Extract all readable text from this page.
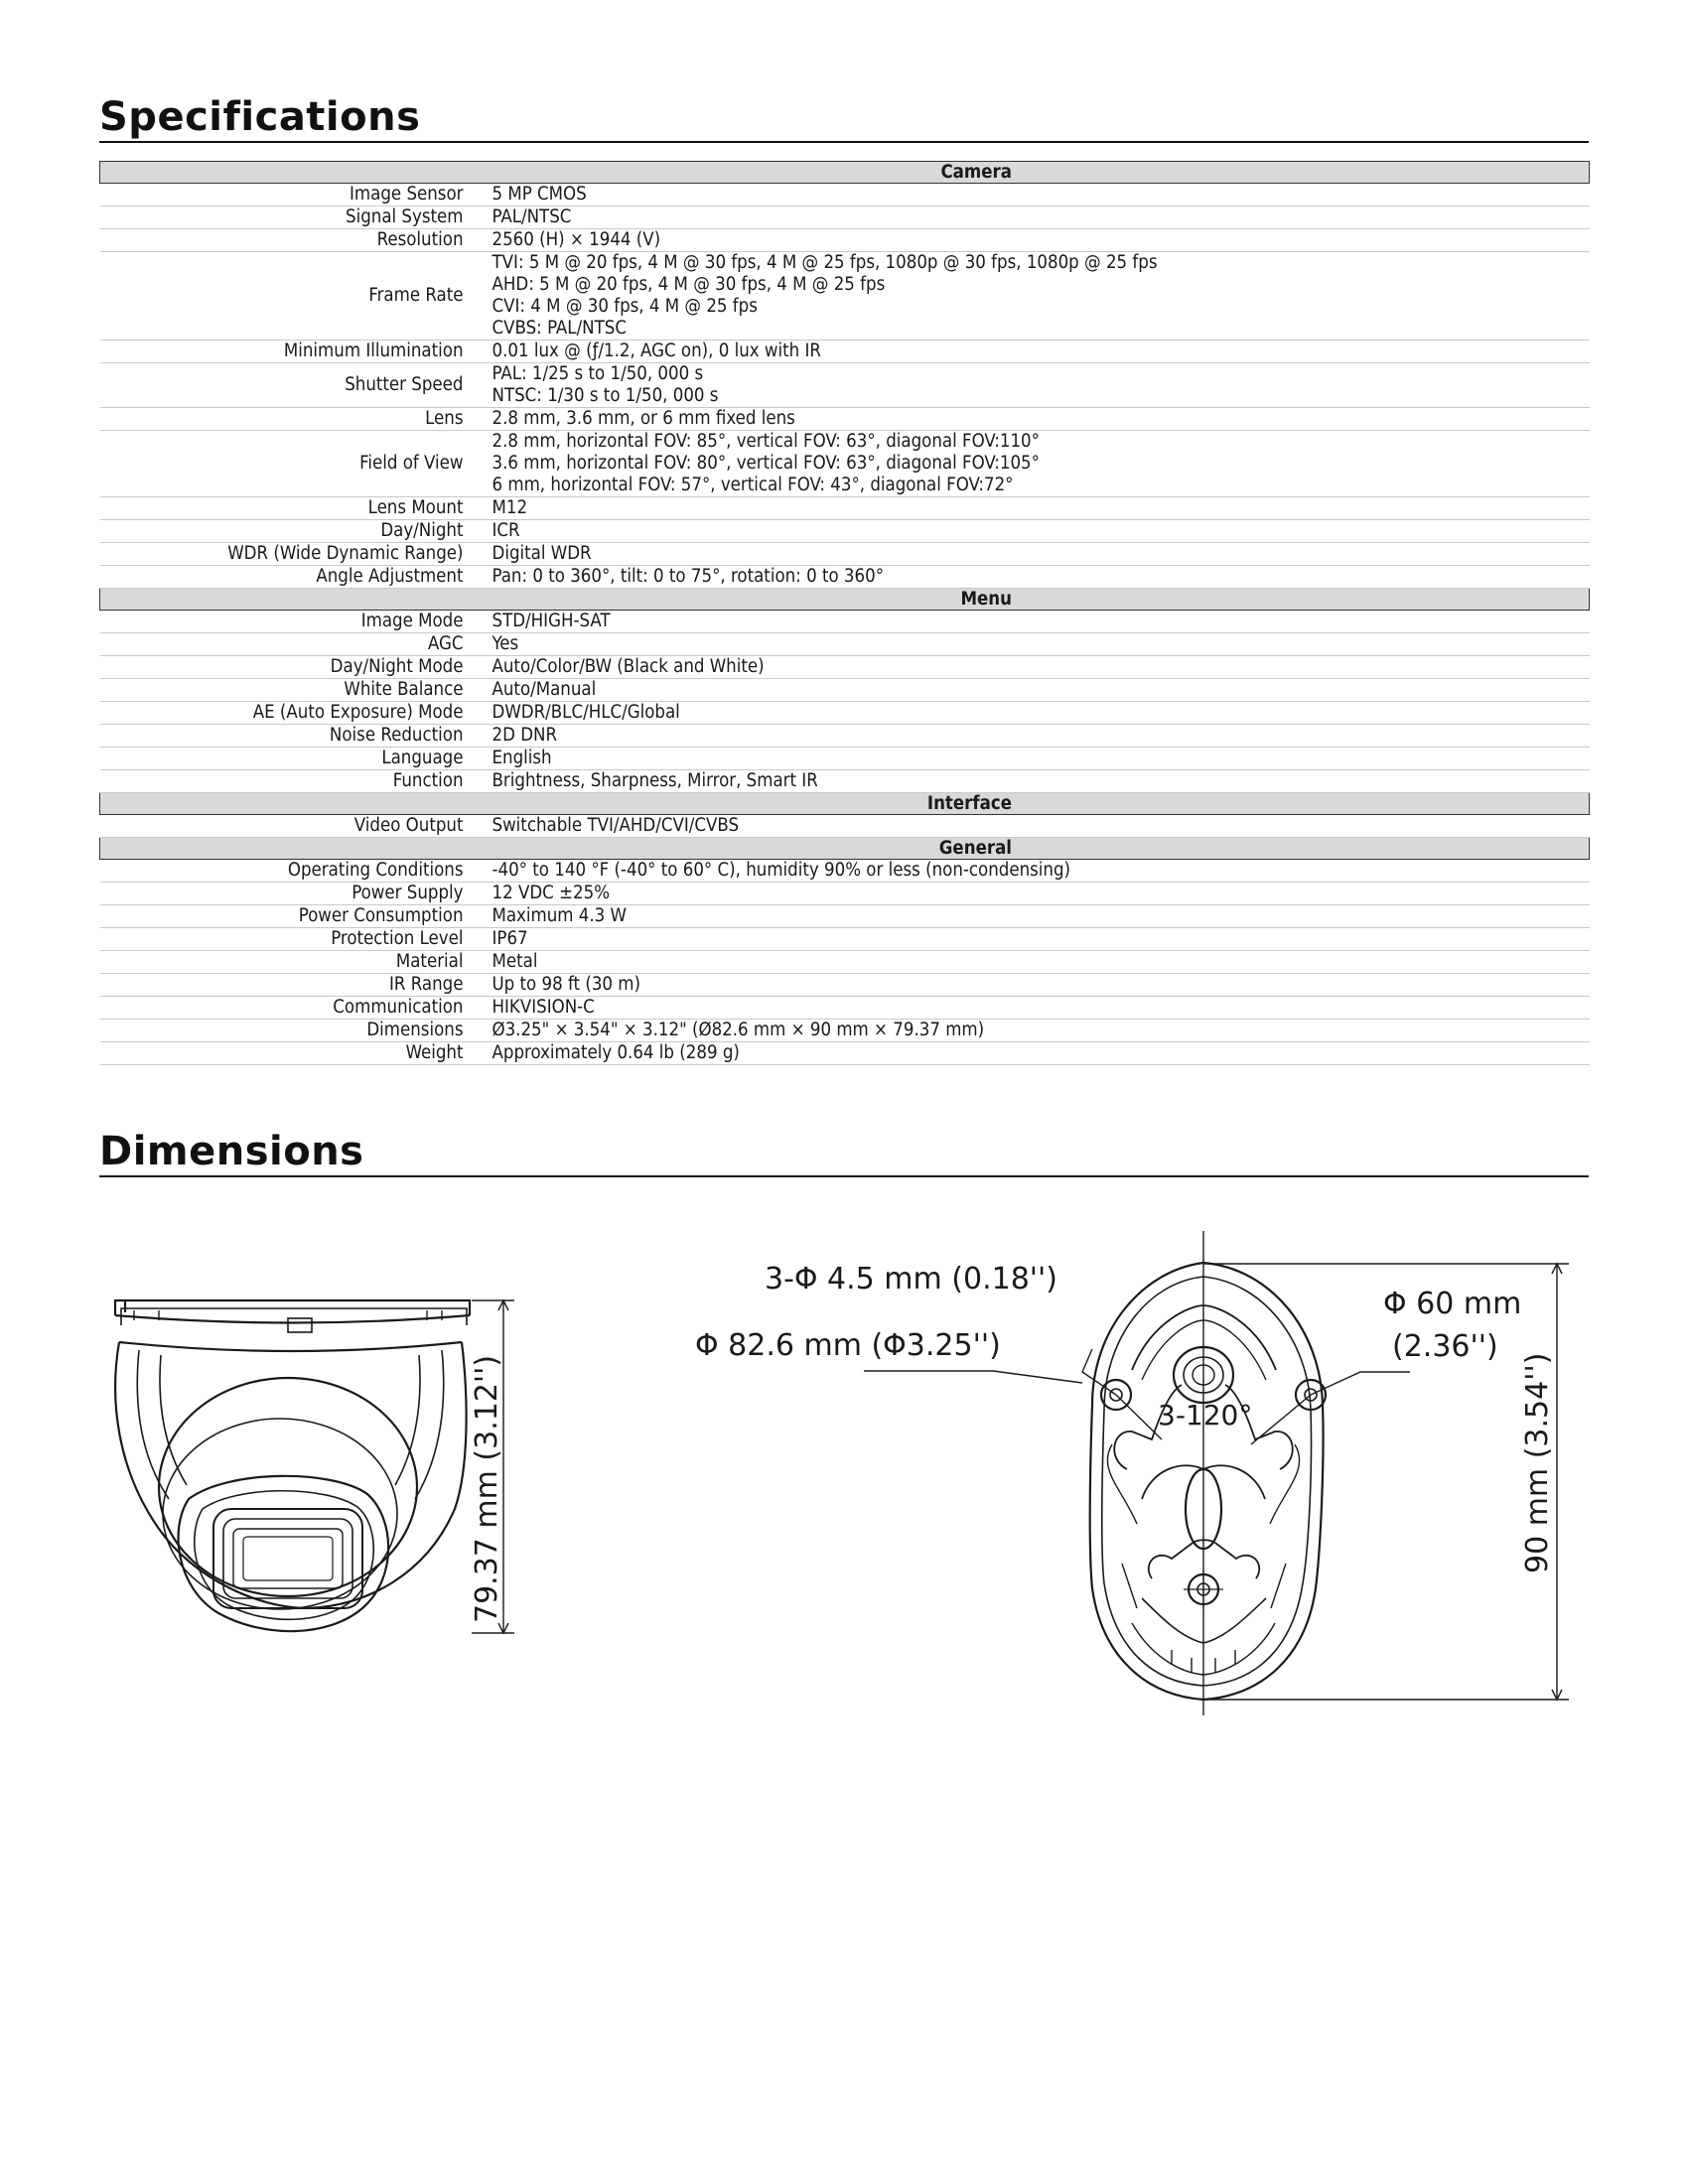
Specifications
Camera	
Image Sensor	5 MP CMOS

Signal System	PAL/NTSC

Resolution	2560 (H) × 1944 (V)

Frame Rate	TVI: 5 M @ 20 fps, 4 M @ 30 fps, 4 M @ 25 fps, 1080p @ 30 fps, 1080p @ 25 fps
AHD: 5 M @ 20 fps, 4 M @ 30 fps, 4 M @ 25 fps
CVI: 4 M @ 30 fps, 4 M @ 25 fps
CVBS: PAL/NTSC

Minimum Illumination	0.01 lux @ (ƒ/1.2, AGC on), 0 lux with IR

Shutter Speed	PAL: 1/25 s to 1/50, 000 s
NTSC: 1/30 s to 1/50, 000 s

Lens	2.8 mm, 3.6 mm, or 6 mm fixed lens

Field of View	2.8 mm, horizontal FOV: 85°, vertical FOV: 63°, diagonal FOV:110°
3.6 mm, horizontal FOV: 80°, vertical FOV: 63°, diagonal FOV:105°
6 mm, horizontal FOV: 57°, vertical FOV: 43°, diagonal FOV:72°

Lens Mount	M12

Day/Night	ICR

WDR (Wide Dynamic Range)	Digital WDR

Angle Adjustment	Pan: 0 to 360°, tilt: 0 to 75°, rotation: 0 to 360°

Menu	
Image Mode	STD/HIGH-SAT

AGC	Yes

Day/Night Mode	Auto/Color/BW (Black and White)

White Balance	Auto/Manual

AE (Auto Exposure) Mode	DWDR/BLC/HLC/Global

Noise Reduction	2D DNR

Language	English

Function	Brightness, Sharpness, Mirror, Smart IR

Interface	
Video Output	Switchable TVI/AHD/CVI/CVBS

General	
Operating Conditions	-40° to 140 °F (-40° to 60° C), humidity 90% or less (non-condensing)

Power Supply	12 VDC ±25%

Power Consumption	Maximum 4.3 W

Protection Level	IP67

Material	Metal

IR Range	Up to 98 ft (30 m)

Communication	HIKVISION-C

Dimensions	Ø3.25" × 3.54" × 3.12" (Ø82.6 mm × 90 mm × 79.37 mm)

Weight	Approximately 0.64 lb (289 g)
Dimensions
79.37 mm (3.12'')
3-Φ 4.5 mm (0.18'')
Φ 82.6 mm (Φ3.25'')
Φ 60 mm
(2.36'')
3-120°	90 mm (3.54'')
